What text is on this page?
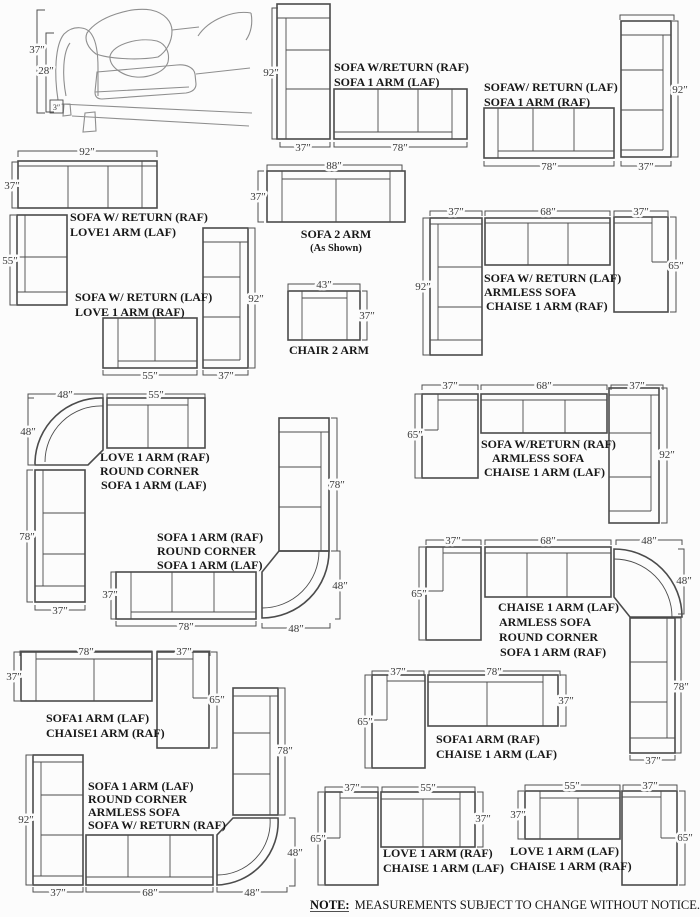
37″
28″
3″
92″
37″	78″
SOFA W/RETURN (RAF)
SOFA 1 ARM (LAF)
78″	37″
92″
SOFAW/ RETURN (LAF)
SOFA 1 ARM (RAF)
92″
37″
55″
SOFA W/ RETURN (RAF)
LOVE1 ARM (LAF)
88″
37″
SOFA 2 ARM
(As Shown)
55″
92″
37″
SOFA W/ RETURN (LAF)
LOVE 1 ARM (RAF)
43″
37″
CHAIR 2 ARM
37″	68″	37″
92″
65″
SOFA W/ RETURN (LAF)
ARMLESS SOFA
CHAISE 1 ARM (RAF)
48″	55″
48″
78″
37″
LOVE 1 ARM (RAF)
ROUND CORNER
SOFA 1 ARM (LAF)
37″	68″	37″
65″
92″
SOFA W/RETURN (RAF)
ARMLESS SOFA
CHAISE 1 ARM (LAF)
78″
37″
78″	48″
48″
SOFA 1 ARM (RAF)
ROUND CORNER
SOFA 1 ARM (LAF)
37″	68″	48″
65″
48″
78″
37″
CHAISE 1 ARM (LAF)
ARMLESS SOFA
ROUND CORNER
SOFA 1 ARM (RAF)
78″	37″
37″
65″
SOFA1 ARM (LAF)
CHAISE1 ARM (RAF)
92″
37″	68″	48″
48″
78″
SOFA 1 ARM (LAF)
ROUND CORNER
ARMLESS SOFA
SOFA W/ RETURN (RAF)
37″	78″
65″
37″
SOFA1 ARM (RAF)
CHAISE 1 ARM (LAF)
37″	55″
65″
37″
LOVE 1 ARM (RAF)
CHAISE 1 ARM (LAF)
55″	37″
37″
65″
LOVE 1 ARM (LAF)
CHAISE 1 ARM (RAF)
NOTE: MEASUREMENTS SUBJECT TO CHANGE WITHOUT NOTICE.
